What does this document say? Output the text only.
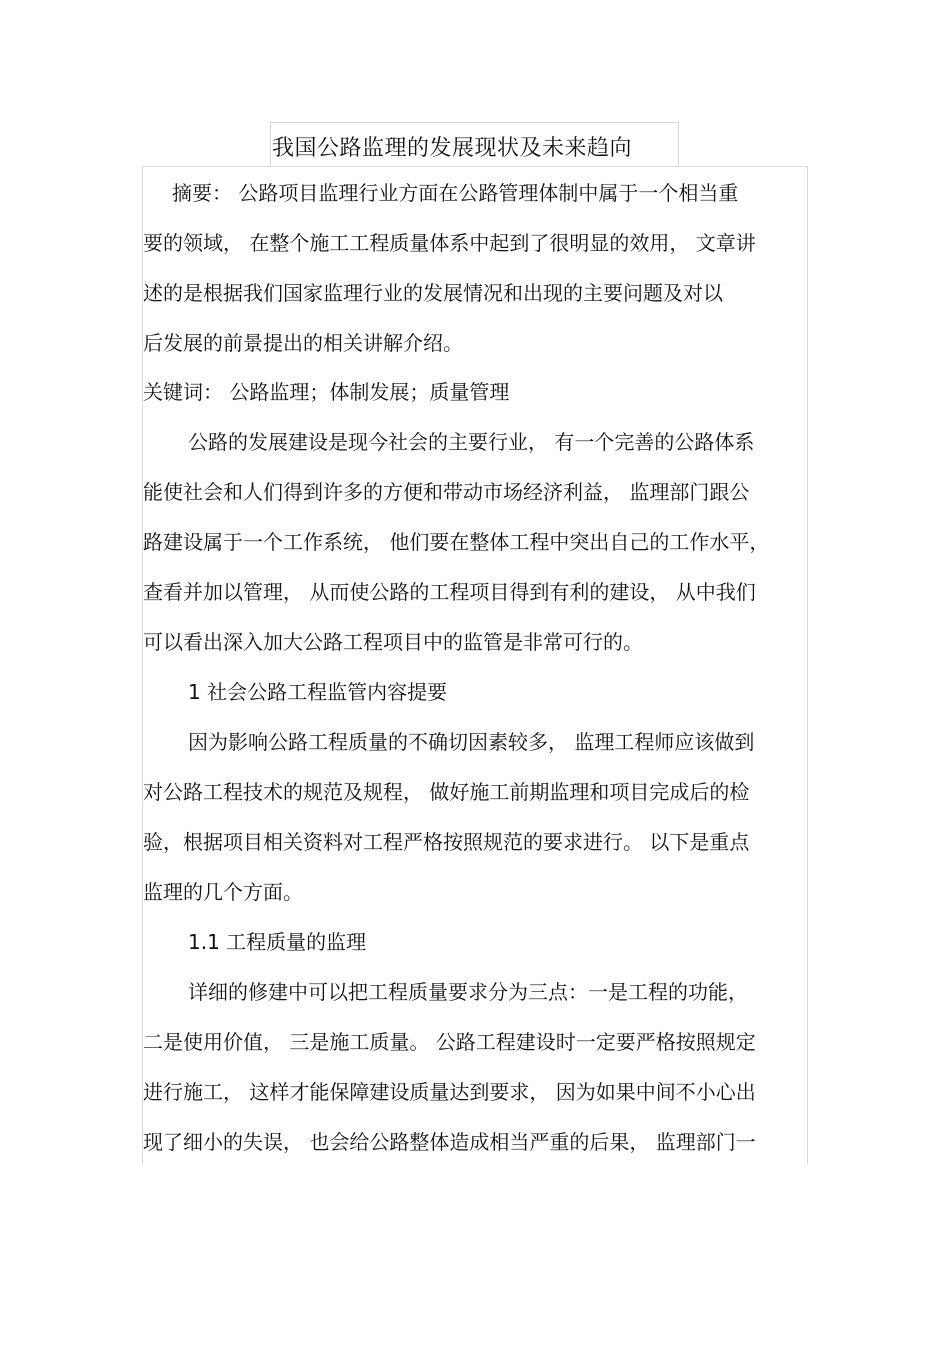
我国公路监理的发展现状及未来趋向
摘要： 公路项目监理行业方面在公路管理体制中属于一个相当重
要的领域， 在整个施工工程质量体系中起到了很明显的效用， 文章讲
述的是根据我们国家监理行业的发展情况和出现的主要问题及对以
后发展的前景提出的相关讲解介绍。
关键词： 公路监理；体制发展；质量管理
公路的发展建设是现今社会的主要行业， 有一个完善的公路体系
能使社会和人们得到许多的方便和带动市场经济利益， 监理部门跟公
路建设属于一个工作系统， 他们要在整体工程中突出自己的工作水平，
查看并加以管理， 从而使公路的工程项目得到有利的建设， 从中我们
可以看出深入加大公路工程项目中的监管是非常可行的。
1 社会公路工程监管内容提要
因为影响公路工程质量的不确切因素较多， 监理工程师应该做到
对公路工程技术的规范及规程， 做好施工前期监理和项目完成后的检
验，根据项目相关资料对工程严格按照规范的要求进行。 以下是重点
监理的几个方面。
1.1 工程质量的监理
详细的修建中可以把工程质量要求分为三点：一是工程的功能，
二是使用价值， 三是施工质量。 公路工程建设时一定要严格按照规定
进行施工， 这样才能保障建设质量达到要求， 因为如果中间不小心出
现了细小的失误， 也会给公路整体造成相当严重的后果， 监理部门一
